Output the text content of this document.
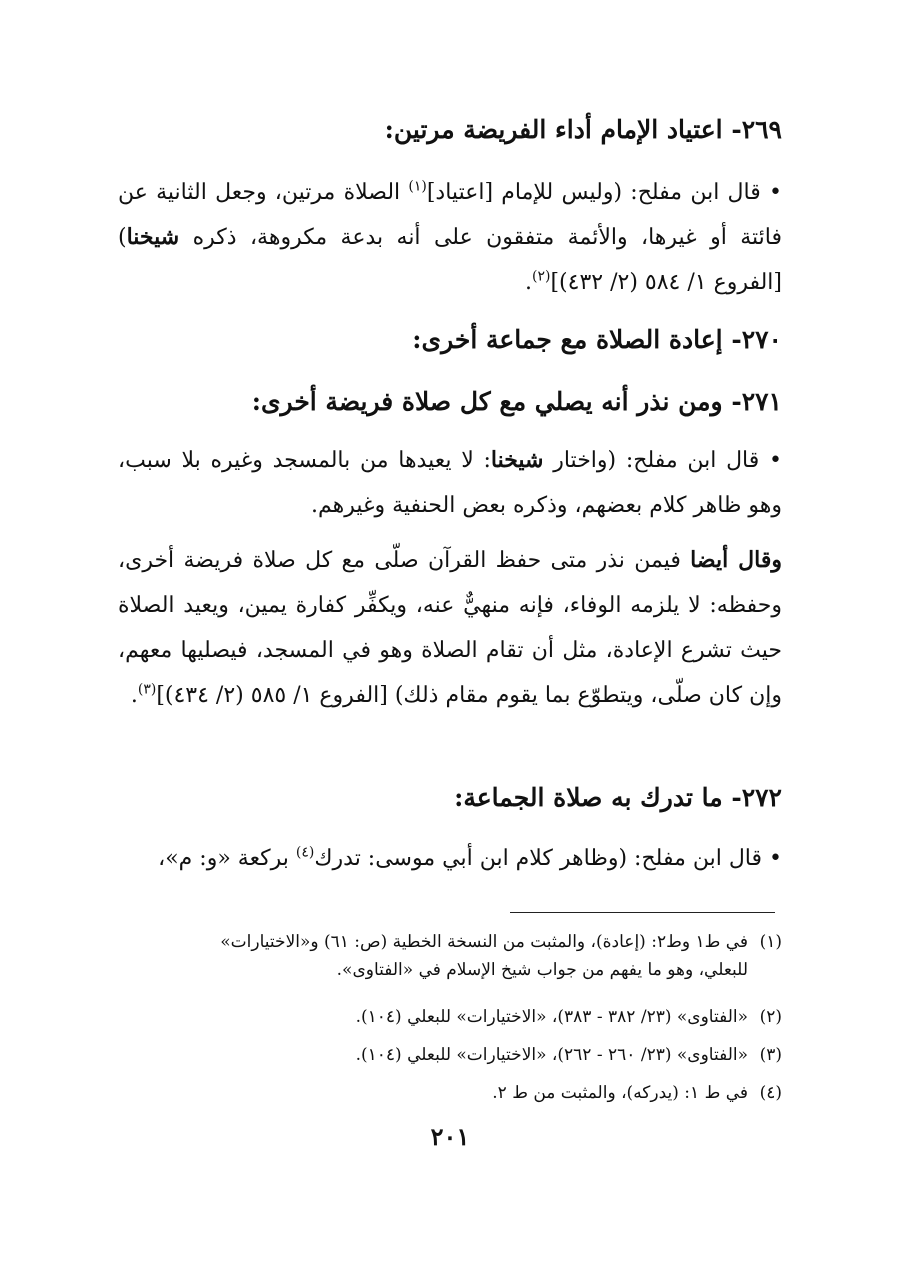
٢٦٩- اعتياد الإمام أداء الفريضة مرتين:
• قال ابن مفلح: (وليس للإمام [اعتياد]$^{(١)}$ الصلاة مرتين، وجعل الثانية عن فائتة أو غيرها، والأئمة متفقون على أنه بدعة مكروهة، ذكره شيخنا) [الفروع ١/ ٥٨٤ (٢/ ٤٣٢)]$^{(٢)}$.
٢٧٠- إعادة الصلاة مع جماعة أخرى:
٢٧١- ومن نذر أنه يصلي مع كل صلاة فريضة أخرى:
• قال ابن مفلح: (واختار شيخنا: لا يعيدها من بالمسجد وغيره بلا سبب، وهو ظاهر كلام بعضهم، وذكره بعض الحنفية وغيرهم.
وقال أيضا فيمن نذر متى حفظ القرآن صلّى مع كل صلاة فريضة أخرى، وحفظه: لا يلزمه الوفاء، فإنه منهيٌّ عنه، ويكفِّر كفارة يمين، ويعيد الصلاة حيث تشرع الإعادة، مثل أن تقام الصلاة وهو في المسجد، فيصليها معهم، وإن كان صلّى، ويتطوّع بما يقوم مقام ذلك) [الفروع ١/ ٥٨٥ (٢/ ٤٣٤)]$^{(٣)}$.
٢٧٢- ما تدرك به صلاة الجماعة:
• قال ابن مفلح: (وظاهر كلام ابن أبي موسى: تدرك$^{(٤)}$ بركعة «و: م»،
(١)في ط١ وط٢: (إعادة)، والمثبت من النسخة الخطية (ص: ٦١) و«الاختيارات»
للبعلي، وهو ما يفهم من جواب شيخ الإسلام في «الفتاوى».
(٢)«الفتاوى» (٢٣/ ٣٨٢ - ٣٨٣)، «الاختيارات» للبعلي (١٠٤).
(٣)«الفتاوى» (٢٣/ ٢٦٠ - ٢٦٢)، «الاختيارات» للبعلي (١٠٤).
(٤)في ط ١: (يدركه)، والمثبت من ط ٢.
٢٠١
